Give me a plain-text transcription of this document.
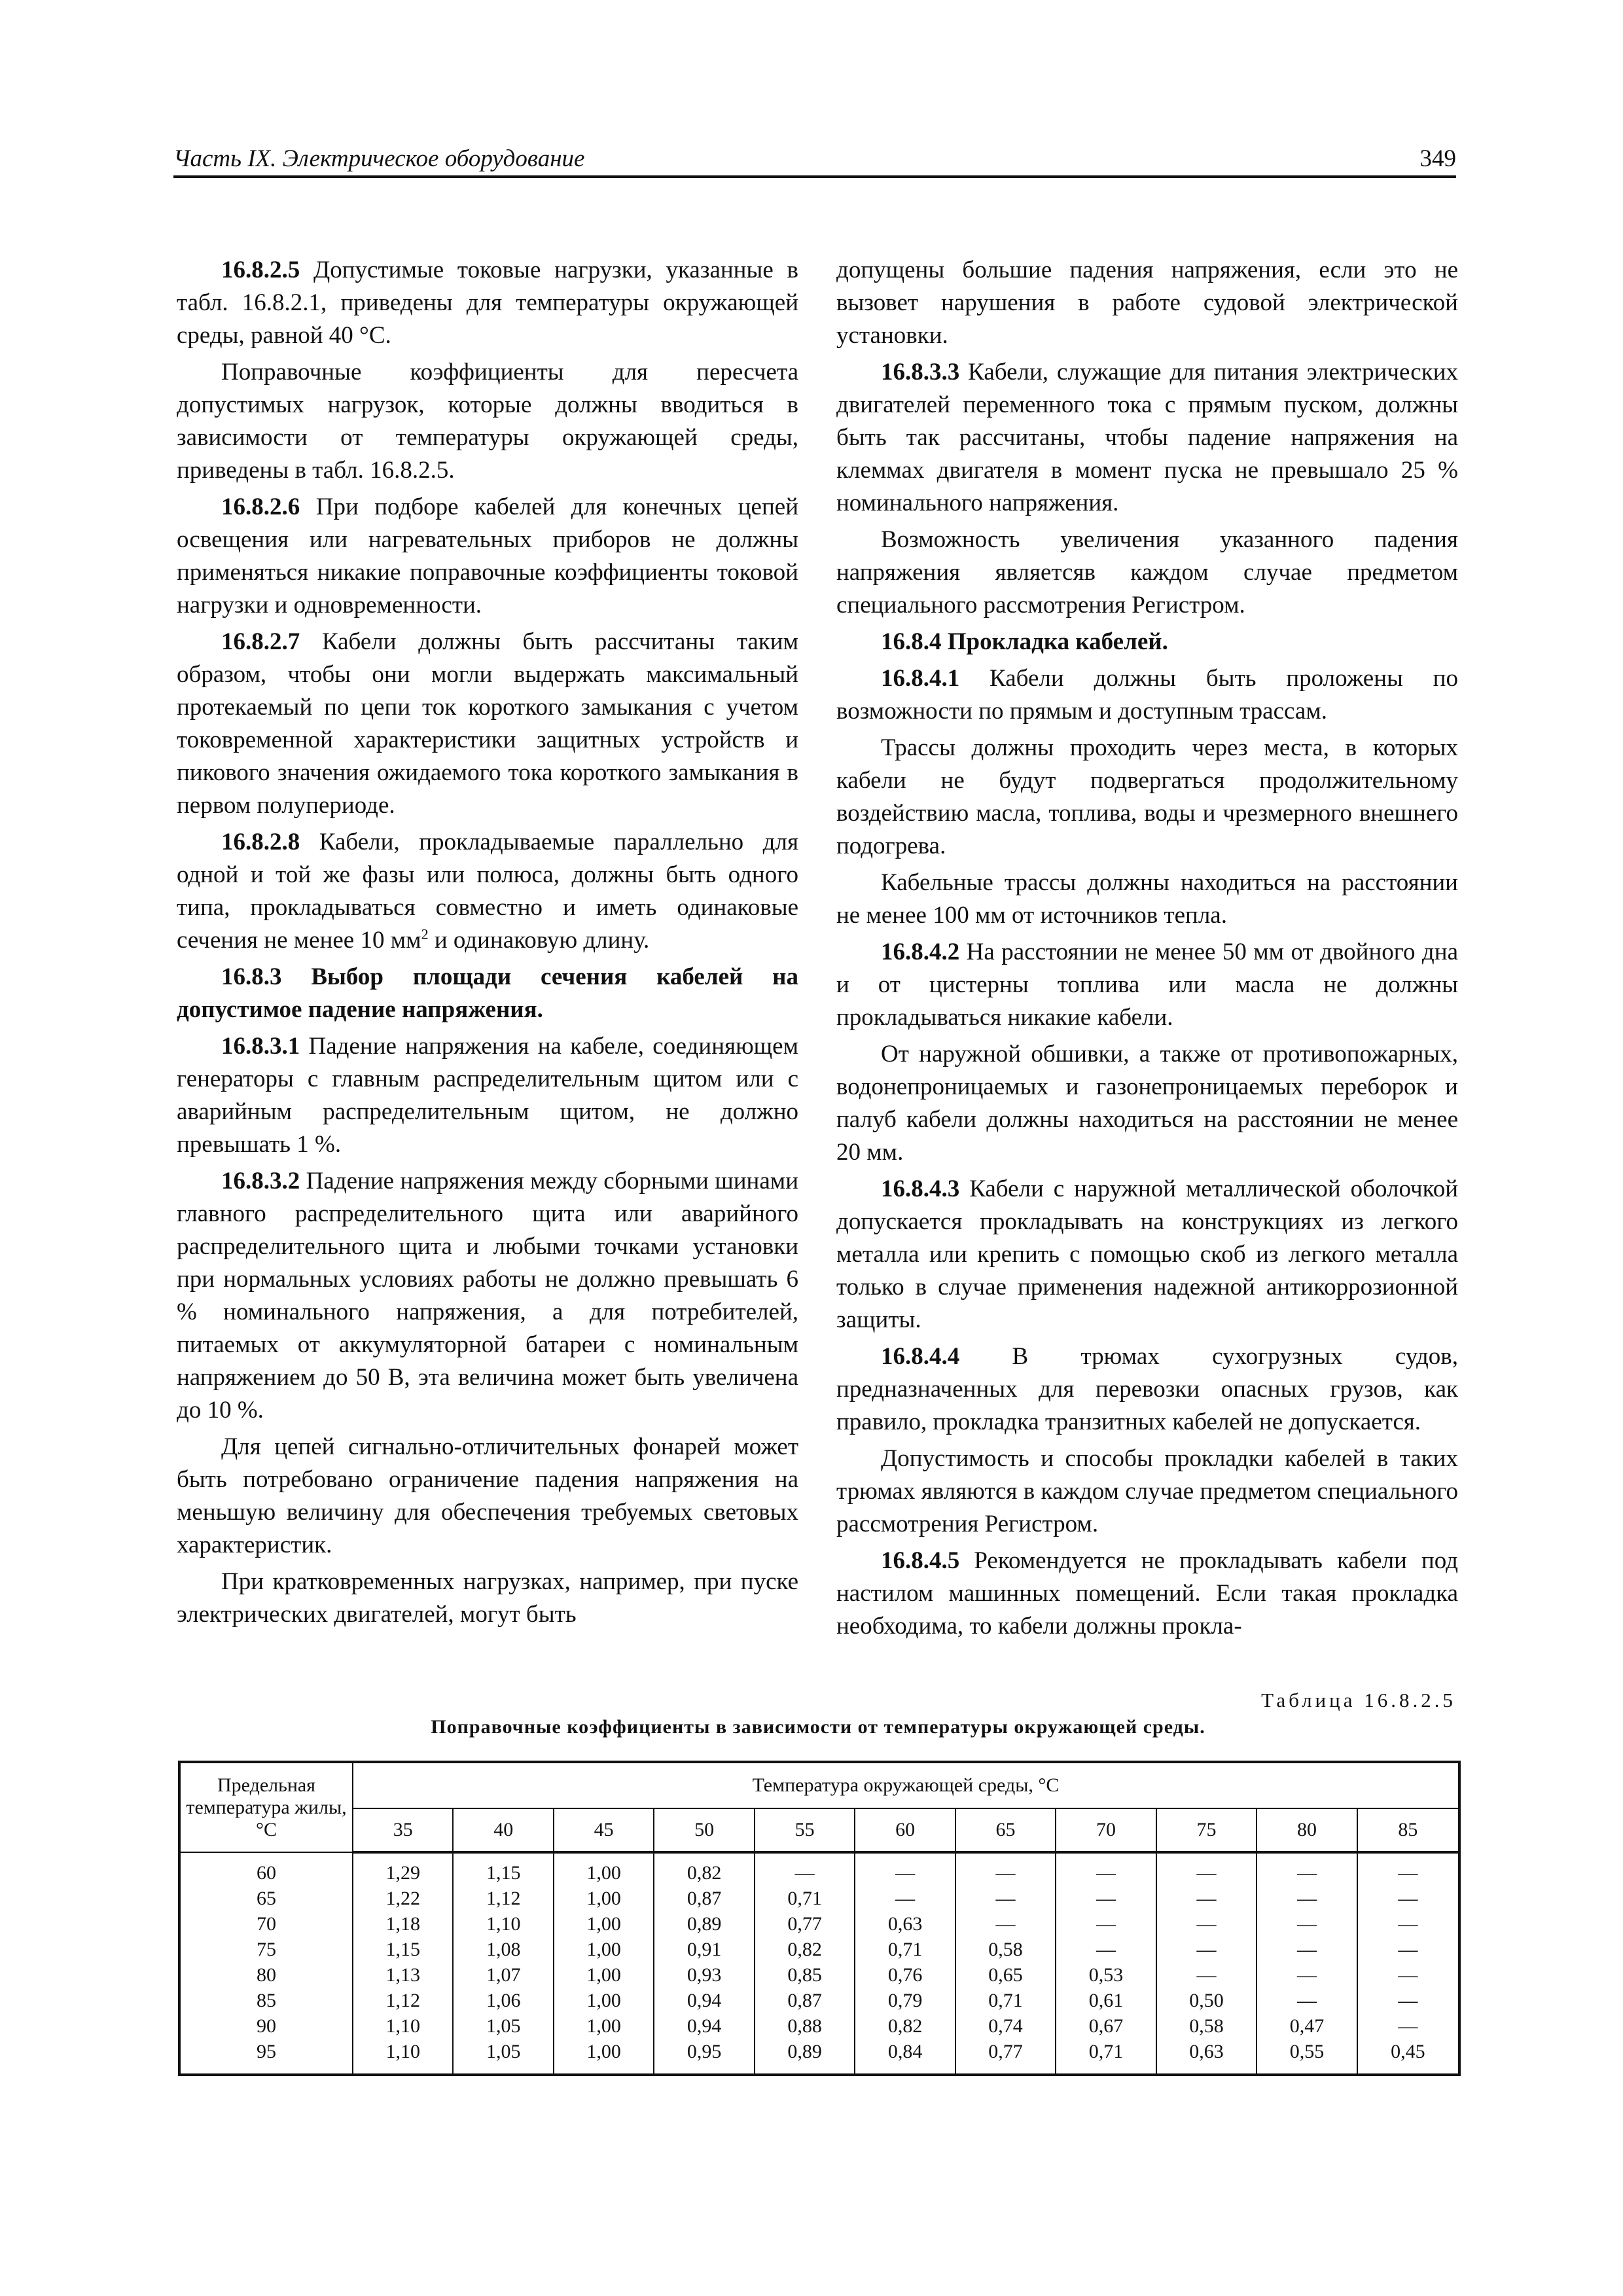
Часть IX. Электрическое оборудование	349

16.8.2.5 Допустимые токовые нагрузки, указанные в табл. 16.8.2.1, приведены для температуры окружающей среды, равной 40 °С.

Поправочные коэффициенты для пересчета допустимых нагрузок, которые должны вводиться в зависимости от температуры окружающей среды, приведены в табл. 16.8.2.5.

16.8.2.6 При подборе кабелей для конечных цепей освещения или нагревательных приборов не должны применяться никакие поправочные коэффициенты токовой нагрузки и одновременности.

16.8.2.7 Кабели должны быть рассчитаны таким образом, чтобы они могли выдержать максимальный протекаемый по цепи ток короткого замыкания с учетом токовременной характеристики защитных устройств и пикового значения ожидаемого тока короткого замыкания в первом полупериоде.

16.8.2.8 Кабели, прокладываемые параллельно для одной и той же фазы или полюса, должны быть одного типа, прокладываться совместно и иметь одинаковые сечения не менее 10 $мм^2$ и одинаковую длину.

16.8.3 Выбор площади сечения кабелей на допустимое падение напряжения.

16.8.3.1 Падение напряжения на кабеле, соединяющем генераторы с главным распределительным щитом или с аварийным распределительным щитом, не должно превышать 1 %.

16.8.3.2 Падение напряжения между сборными шинами главного распределительного щита или аварийного распределительного щита и любыми точками установки при нормальных условиях работы не должно превышать 6 % номинального напряжения, а для потребителей, питаемых от аккумуляторной батареи с номинальным напряжением до 50 В, эта величина может быть увеличена до 10 %.

Для цепей сигнально-отличительных фонарей может быть потребовано ограничение падения напряжения на меньшую величину для обеспечения требуемых световых характеристик.

При кратковременных нагрузках, например, при пуске электрических двигателей, могут быть

допущены большие падения напряжения, если это не вызовет нарушения в работе судовой электрической установки.

16.8.3.3 Кабели, служащие для питания электрических двигателей переменного тока с прямым пуском, должны быть так рассчитаны, чтобы падение напряжения на клеммах двигателя в момент пуска не превышало 25 % номинального напряжения.

Возможность увеличения указанного падения напряжения являетсяв каждом случае предметом специального рассмотрения Регистром.

16.8.4 Прокладка кабелей.

16.8.4.1 Кабели должны быть проложены по возможности по прямым и доступным трассам.

Трассы должны проходить через места, в которых кабели не будут подвергаться продолжительному воздействию масла, топлива, воды и чрезмерного внешнего подогрева.

Кабельные трассы должны находиться на расстоянии не менее 100 мм от источников тепла.

16.8.4.2 На расстоянии не менее 50 мм от двойного дна и от цистерны топлива или масла не должны прокладываться никакие кабели.

От наружной обшивки, а также от противопожарных, водонепроницаемых и газонепроницаемых переборок и палуб кабели должны находиться на расстоянии не менее 20 мм.

16.8.4.3 Кабели с наружной металлической оболочкой допускается прокладывать на конструкциях из легкого металла или крепить с помощью скоб из легкого металла только в случае применения надежной антикоррозионной защиты.

16.8.4.4 В трюмах сухогрузных судов, предназначенных для перевозки опасных грузов, как правило, прокладка транзитных кабелей не допускается.

Допустимость и способы прокладки кабелей в таких трюмах являются в каждом случае предметом специального рассмотрения Регистром.

16.8.4.5 Рекомендуется не прокладывать кабели под настилом машинных помещений. Если такая прокладка необходима, то кабели должны прокла-

Таблица 16.8.2.5
Поправочные коэффициенты в зависимости от температуры окружающей среды.
Предельная температура жилы, °С	Температура окружающей среды, °С										
	35	40	45	50	55	60	65	70	75	80	85
60	1,29	1,15	1,00	0,82	—	—	—	—	—	—	—
65	1,22	1,12	1,00	0,87	0,71	—	—	—	—	—	—
70	1,18	1,10	1,00	0,89	0,77	0,63	—	—	—	—	—
75	1,15	1,08	1,00	0,91	0,82	0,71	0,58	—	—	—	—
80	1,13	1,07	1,00	0,93	0,85	0,76	0,65	0,53	—	—	—
85	1,12	1,06	1,00	0,94	0,87	0,79	0,71	0,61	0,50	—	—
90	1,10	1,05	1,00	0,94	0,88	0,82	0,74	0,67	0,58	0,47	—
95	1,10	1,05	1,00	0,95	0,89	0,84	0,77	0,71	0,63	0,55	0,45
